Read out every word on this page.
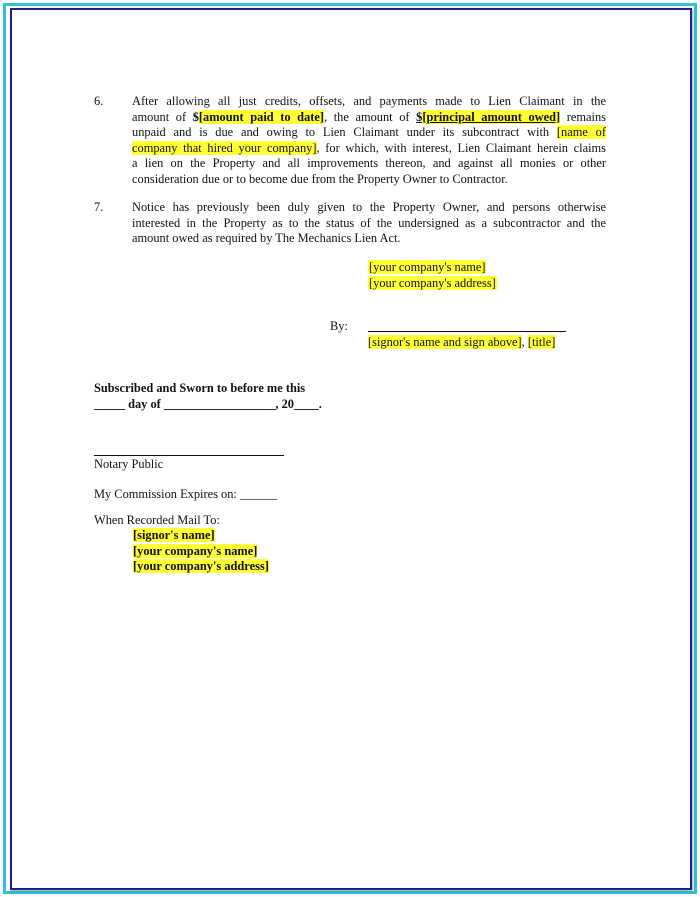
6. After allowing all just credits, offsets, and payments made to Lien Claimant in the
amount of $[amount paid to date], the amount of $[principal amount owed] remains
unpaid and is due and owing to Lien Claimant under its subcontract with [name of
company that hired your company], for which, with interest, Lien Claimant herein claims
a lien on the Property and all improvements thereon, and against all monies or other
consideration due or to become due from the Property Owner to Contractor.
7. Notice has previously been duly given to the Property Owner, and persons otherwise
interested in the Property as to the status of the undersigned as a subcontractor and the
amount owed as required by The Mechanics Lien Act.
[your company's name]
[your company's address]
By:
[signor's name and sign above], [title]
Subscribed and Sworn to before me this
_____ day of __________________, 20____.
Notary Public
My Commission Expires on: ______
When Recorded Mail To:
[signor's name]
[your company's name]
[your company's address]
